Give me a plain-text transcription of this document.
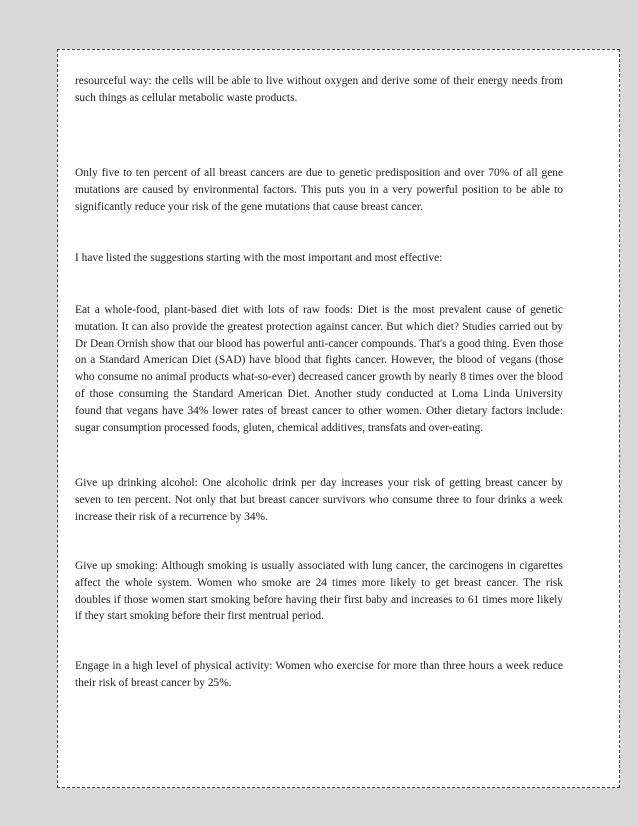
resourceful way: the cells will be able to live without oxygen and derive some of their energy needs from such things as cellular metabolic waste products.

Only five to ten percent of all breast cancers are due to genetic predisposition and over 70% of all gene mutations are caused by environmental factors. This puts you in a very powerful position to be able to significantly reduce your risk of the gene mutations that cause breast cancer.

I have listed the suggestions starting with the most important and most effective:

Eat a whole-food, plant-based diet with lots of raw foods: Diet is the most prevalent cause of genetic mutation. It can also provide the greatest protection against cancer. But which diet? Studies carried out by Dr Dean Ornish show that our blood has powerful anti-cancer compounds. That's a good thing. Even those on a Standard American Diet (SAD) have blood that fights cancer. However, the blood of vegans (those who consume no animal products what-so-ever) decreased cancer growth by nearly 8 times over the blood of those consuming the Standard American Diet. Another study conducted at Loma Linda University found that vegans have 34% lower rates of breast cancer to other women. Other dietary factors include: sugar consumption processed foods, gluten, chemical additives, transfats and over-eating.

Give up drinking alcohol: One alcoholic drink per day increases your risk of getting breast cancer by seven to ten percent. Not only that but breast cancer survivors who consume three to four drinks a week increase their risk of a recurrence by 34%.

Give up smoking: Although smoking is usually associated with lung cancer, the carcinogens in cigarettes affect the whole system. Women who smoke are 24 times more likely to get breast cancer. The risk doubles if those women start smoking before having their first baby and increases to 61 times more likely if they start smoking before their first mentrual period.

Engage in a high level of physical activity: Women who exercise for more than three hours a week reduce their risk of breast cancer by 25%.
